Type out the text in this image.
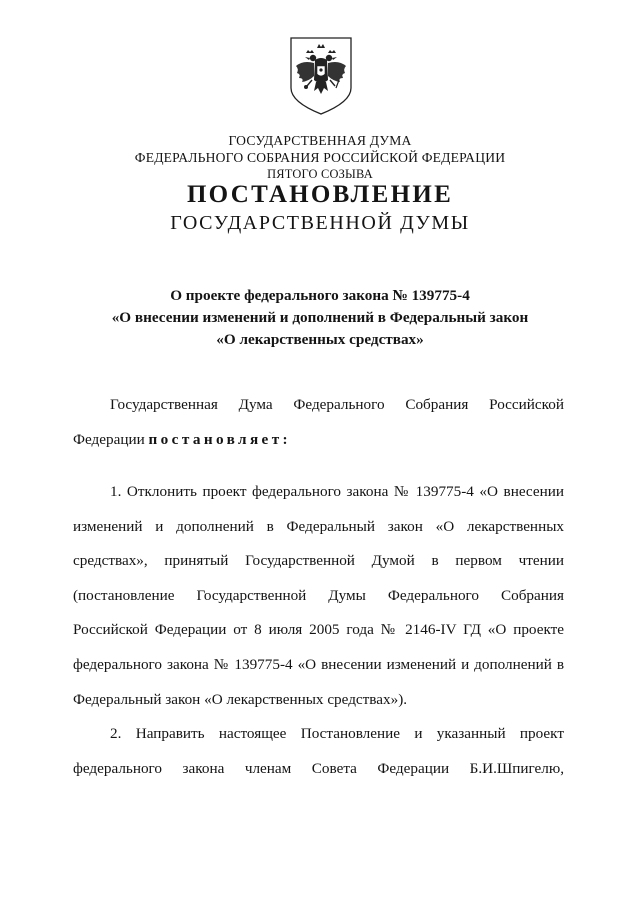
ГОСУДАРСТВЕННАЯ ДУМА
ФЕДЕРАЛЬНОГО СОБРАНИЯ РОССИЙСКОЙ ФЕДЕРАЦИИ
ПЯТОГО СОЗЫВА
ПОСТАНОВЛЕНИЕ
ГОСУДАРСТВЕННОЙ ДУМЫ
О проекте федерального закона № 139775-4
«О внесении изменений и дополнений в Федеральный закон
«О лекарственных средствах»
Государственная Дума Федерального Собрания Российской
Федерации постановляет:
1. Отклонить проект федерального закона № 139775-4 «О внесении
изменений и дополнений в Федеральный закон «О лекарственных
средствах», принятый Государственной Думой в первом чтении
(постановление Государственной Думы Федерального Собрания
Российской Федерации от 8 июля 2005 года № 2146-IV ГД «О проекте
федерального закона № 139775-4 «О внесении изменений и дополнений в
Федеральный закон «О лекарственных средствах»).
2. Направить настоящее Постановление и указанный проект
федерального закона членам Совета Федерации Б.И.Шпигелю,
